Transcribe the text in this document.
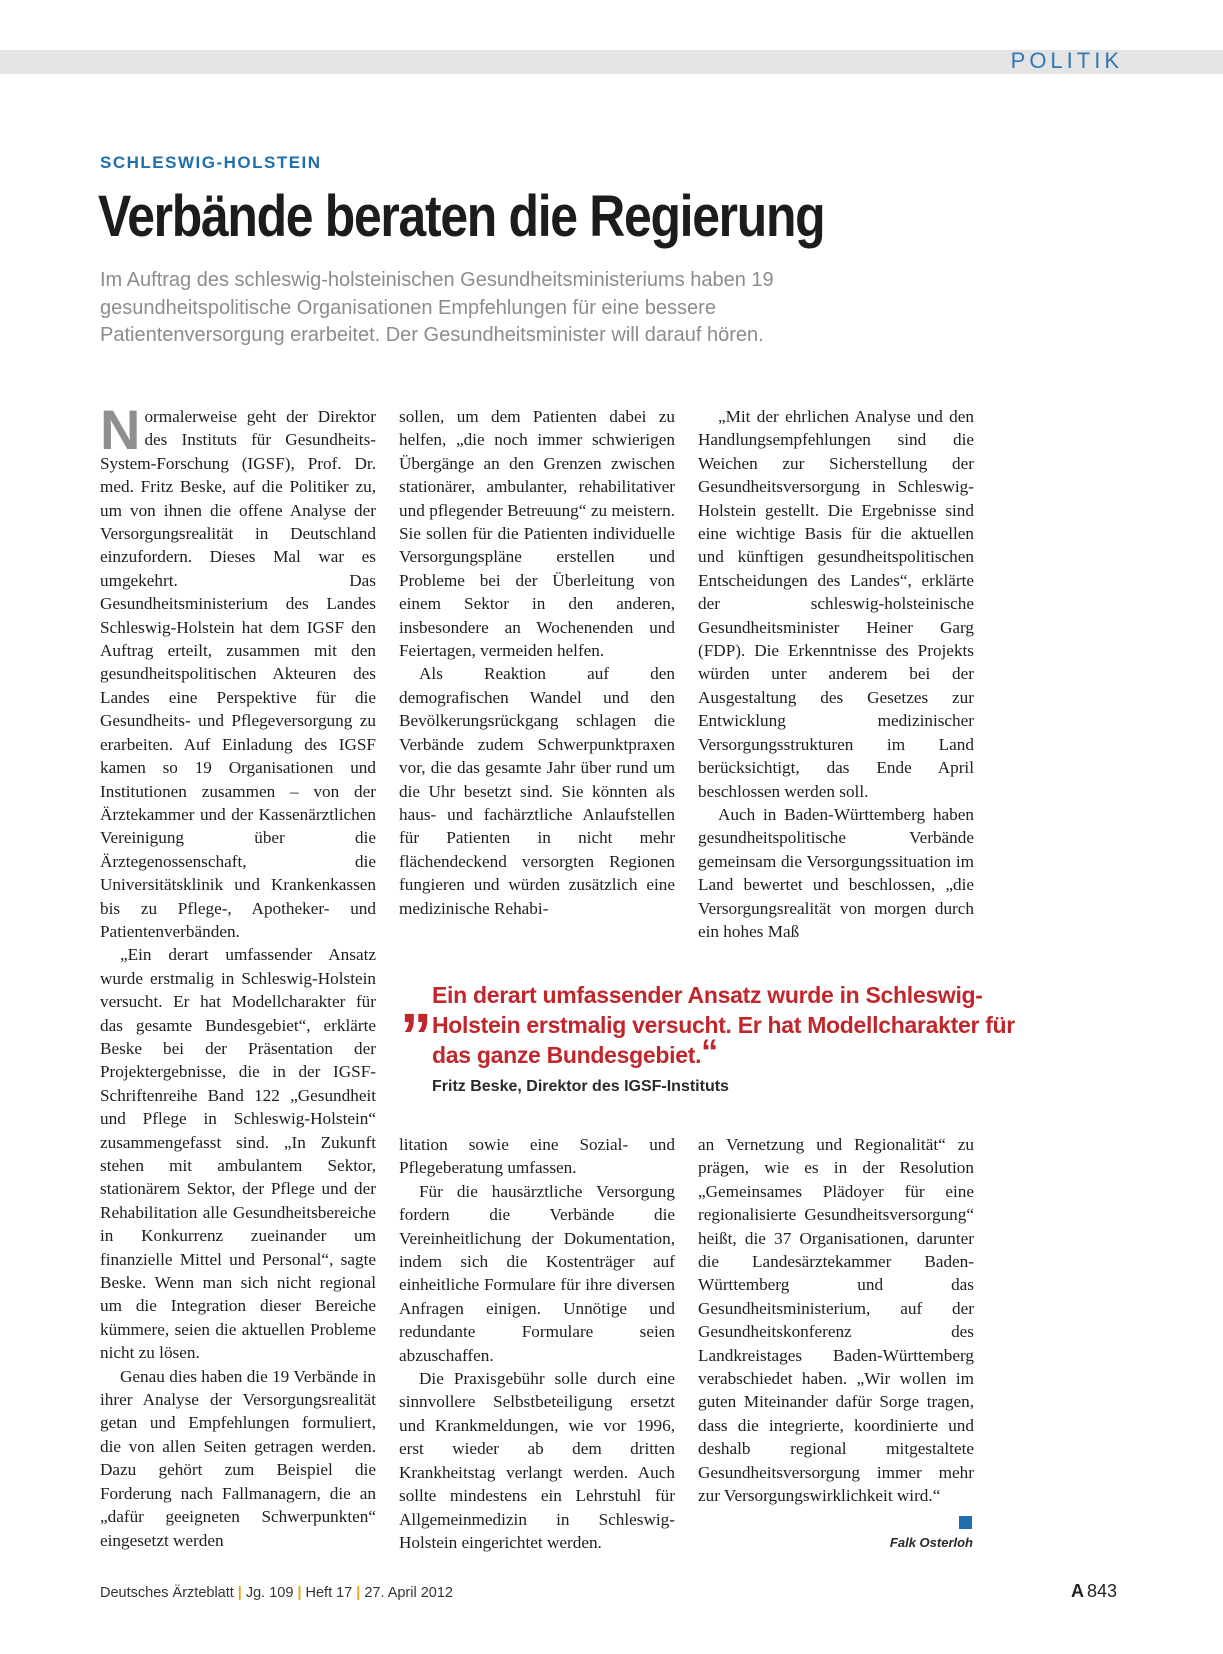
POLITIK
SCHLESWIG-HOLSTEIN
Verbände beraten die Regierung

Im Auftrag des schleswig-holsteinischen Gesundheitsministeriums haben 19 gesundheitspolitische Organisationen Empfehlungen für eine bessere Patientenversorgung erarbeitet. Der Gesundheitsminister will darauf hören.

Normalerweise geht der Direktor des Instituts für Gesundheits-System-Forschung (IGSF), Prof. Dr. med. Fritz Beske, auf die Politiker zu, um von ihnen die offene Analyse der Versorgungsrealität in Deutschland einzufordern. Dieses Mal war es umgekehrt. Das Gesundheitsministerium des Landes Schleswig-Holstein hat dem IGSF den Auftrag erteilt, zusammen mit den gesundheitspolitischen Akteuren des Landes eine Perspektive für die Gesundheits- und Pflegeversorgung zu erarbeiten. Auf Einladung des IGSF kamen so 19 Organisationen und Institutionen zusammen – von der Ärztekammer und der Kassenärztlichen Vereinigung über die Ärztegenossenschaft, die Universitätsklinik und Krankenkassen bis zu Pflege-, Apotheker- und Patientenverbänden.

„Ein derart umfassender Ansatz wurde erstmalig in Schleswig-Holstein versucht. Er hat Modellcharakter für das gesamte Bundesgebiet“, erklärte Beske bei der Präsentation der Projektergebnisse, die in der IGSF-Schriftenreihe Band 122 „Gesundheit und Pflege in Schleswig-Holstein“ zusammengefasst sind. „In Zukunft stehen mit ambulantem Sektor, stationärem Sektor, der Pflege und der Rehabilitation alle Gesundheitsbereiche in Konkurrenz zueinander um finanzielle Mittel und Personal“, sagte Beske. Wenn man sich nicht regional um die Integration dieser Bereiche kümmere, seien die aktuellen Probleme nicht zu lösen.

Genau dies haben die 19 Verbände in ihrer Analyse der Versorgungsrealität getan und Empfehlungen formuliert, die von allen Seiten getragen werden. Dazu gehört zum Beispiel die Forderung nach Fallmanagern, die an „dafür geeigneten Schwerpunkten“ eingesetzt werden

sollen, um dem Patienten dabei zu helfen, „die noch immer schwierigen Übergänge an den Grenzen zwischen stationärer, ambulanter, rehabilitativer und pflegender Betreuung“ zu meistern. Sie sollen für die Patienten individuelle Versorgungspläne erstellen und Probleme bei der Überleitung von einem Sektor in den anderen, insbesondere an Wochenenden und Feiertagen, vermeiden helfen.

Als Reaktion auf den demografischen Wandel und den Bevölkerungsrückgang schlagen die Verbände zudem Schwerpunktpraxen vor, die das gesamte Jahr über rund um die Uhr besetzt sind. Sie könnten als haus- und fachärztliche Anlaufstellen für Patienten in nicht mehr flächendeckend versorgten Regionen fungieren und würden zusätzlich eine medizinische Rehabi-

„Mit der ehrlichen Analyse und den Handlungsempfehlungen sind die Weichen zur Sicherstellung der Gesundheitsversorgung in Schleswig-Holstein gestellt. Die Ergebnisse sind eine wichtige Basis für die aktuellen und künftigen gesundheitspolitischen Entscheidungen des Landes“, erklärte der schleswig-holsteinische Gesundheitsminister Heiner Garg (FDP). Die Erkenntnisse des Projekts würden unter anderem bei der Ausgestaltung des Gesetzes zur Entwicklung medizinischer Versorgungsstrukturen im Land berücksichtigt, das Ende April beschlossen werden soll.

Auch in Baden-Württemberg haben gesundheitspolitische Verbände gemeinsam die Versorgungssituation im Land bewertet und beschlossen, „die Versorgungsrealität von morgen durch ein hohes Maß

„ Ein derart umfassender Ansatz wurde in Schleswig-Holstein erstmalig versucht. Er hat Modellcharakter für das ganze Bundesgebiet.“

Fritz Beske, Direktor des IGSF-Instituts

litation sowie eine Sozial- und Pflegeberatung umfassen.

Für die hausärztliche Versorgung fordern die Verbände die Vereinheitlichung der Dokumentation, indem sich die Kostenträger auf einheitliche Formulare für ihre diversen Anfragen einigen. Unnötige und redundante Formulare seien abzuschaffen.

Die Praxisgebühr solle durch eine sinnvollere Selbstbeteiligung ersetzt und Krankmeldungen, wie vor 1996, erst wieder ab dem dritten Krankheitstag verlangt werden. Auch sollte mindestens ein Lehrstuhl für Allgemeinmedizin in Schleswig-Holstein eingerichtet werden.

an Vernetzung und Regionalität“ zu prägen, wie es in der Resolution „Gemeinsames Plädoyer für eine regionalisierte Gesundheitsversorgung“ heißt, die 37 Organisationen, darunter die Landesärztekammer Baden-Württemberg und das Gesundheitsministerium, auf der Gesundheitskonferenz des Landkreistages Baden-Württemberg verabschiedet haben. „Wir wollen im guten Miteinander dafür Sorge tragen, dass die integrierte, koordinierte und deshalb regional mitgestaltete Gesundheitsversorgung immer mehr zur Versorgungswirklichkeit wird.“

Falk Osterloh
Deutsches Ärzteblatt | Jg. 109 | Heft 17 | 27. April 2012	A 843
